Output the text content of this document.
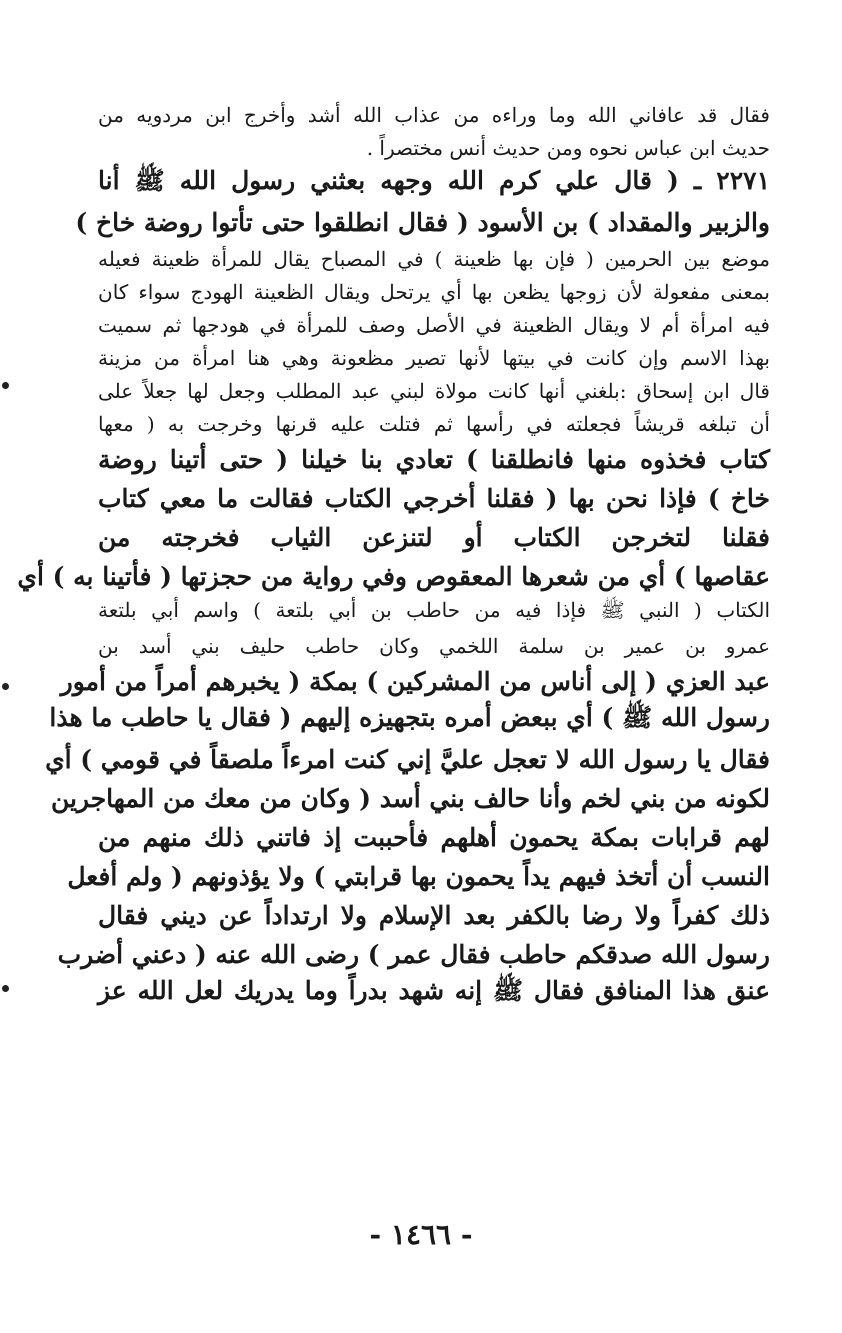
فقال قد عافاني الله وما وراءه من عذاب الله أشد وأخرج ابن مردويه من
حديث ابن عباس نحوه ومن حديث أنس مختصراً .
٢٢٧١ ـ ( قال علي كرم الله وجهه بعثني رسول الله ﷺ أنا
والزبير والمقداد ) بن الأسود ( فقال انطلقوا حتى تأتوا روضة خاخ )
موضع بين الحرمين ( فإن بها ظعينة ) في المصباح يقال للمرأة ظعينة فعيله
بمعنى مفعولة لأن زوجها يظعن بها أي يرتحل ويقال الظعينة الهودج سواء كان
فيه امرأة أم لا ويقال الظعينة في الأصل وصف للمرأة في هودجها ثم سميت
بهذا الاسم وإن كانت في بيتها لأنها تصير مظعونة وهي هنا امرأة من مزينة
قال ابن إسحاق :بلغني أنها كانت مولاة لبني عبد المطلب وجعل لها جعلاً على
أن تبلغه قريشاً فجعلته في رأسها ثم فتلت عليه قرنها وخرجت به ( معها
كتاب فخذوه منها فانطلقنا ) تعادي بنا خيلنا ( حتى أتينا روضة
خاخ ) فإذا نحن بها ( فقلنا أخرجي الكتاب فقالت ما معي كتاب
فقلنا لتخرجن الكتاب أو لتنزعن الثياب فخرجته من
عقاصها ) أي من شعرها المعقوص وفي رواية من حجزتها ( فأتينا به ) أي
الكتاب ( النبي ﷺ فإذا فيه من حاطب بن أبي بلتعة ) واسم أبي بلتعة
عمرو بن عمير بن سلمة اللخمي وكان حاطب حليف بني أسد بن
عبد العزي ( إلى أناس من المشركين ) بمكة ( يخبرهم أمراً من أمور
رسول الله ﷺ ) أي ببعض أمره بتجهيزه إليهم ( فقال يا حاطب ما هذا
فقال يا رسول الله لا تعجل عليَّ إني كنت امرءاً ملصقاً في قومي ) أي
لكونه من بني لخم وأنا حالف بني أسد ( وكان من معك من المهاجرين
لهم قرابات بمكة يحمون أهلهم فأحببت إذ فاتني ذلك منهم من
النسب أن أتخذ فيهم يداً يحمون بها قرابتي ) ولا يؤذونهم ( ولم أفعل
ذلك كفراً ولا رضا بالكفر بعد الإسلام ولا ارتداداً عن ديني فقال
رسول الله صدقكم حاطب فقال عمر ) رضى الله عنه ( دعني أضرب
عنق هذا المنافق فقال ﷺ إنه شهد بدراً وما يدريك لعل الله عز
- ١٤٦٦ -
